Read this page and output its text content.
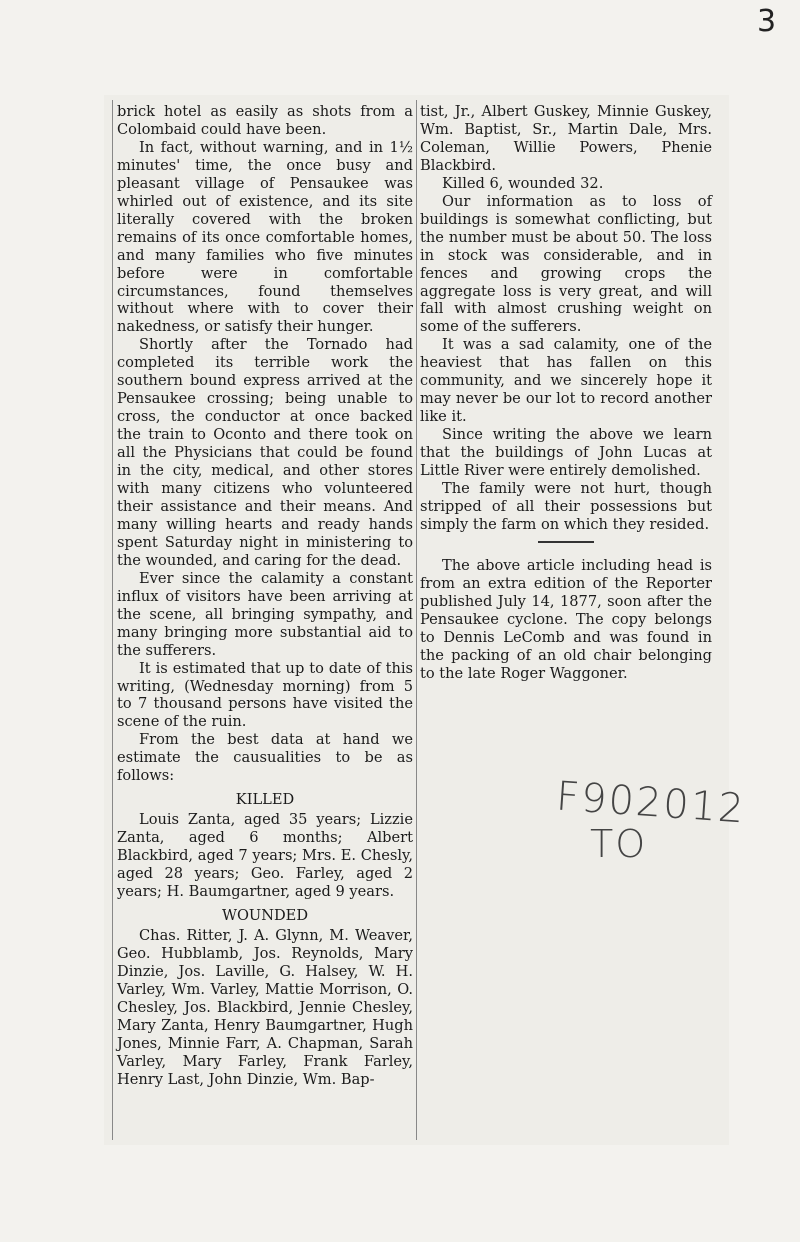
3

brick hotel as easily as shots from a Colombaid could have been.

In fact, without warning, and in 1½ minutes' time, the once busy and pleasant village of Pensaukee was whirled out of existence, and its site literally covered with the broken remains of its once comfortable homes, and many families who five minutes before were in comfortable circumstances, found themselves without where with to cover their nakedness, or satisfy their hunger.

Shortly after the Tornado had completed its terrible work the southern bound express arrived at the Pensaukee crossing; being unable to cross, the conductor at once backed the train to Oconto and there took on all the Physicians that could be found in the city, medical, and other stores with many citizens who volunteered their assistance and their means. And many willing hearts and ready hands spent Saturday night in ministering to the wounded, and caring for the dead.

Ever since the calamity a constant influx of visitors have been arriving at the scene, all bringing sympathy, and many bringing more substantial aid to the sufferers.

It is estimated that up to date of this writing, (Wednesday morning) from 5 to 7 thousand persons have visited the scene of the ruin.

From the best data at hand we estimate the causualities to be as follows:

KILLED

Louis Zanta, aged 35 years; Lizzie Zanta, aged 6 months; Albert Blackbird, aged 7 years; Mrs. E. Chesly, aged 28 years; Geo. Farley, aged 2 years; H. Baumgartner, aged 9 years.

WOUNDED

Chas. Ritter, J. A. Glynn, M. Weaver, Geo. Hubblamb, Jos. Reynolds, Mary Dinzie, Jos. Laville, G. Halsey, W. H. Varley, Wm. Varley, Mattie Morrison, O. Chesley, Jos. Blackbird, Jennie Chesley, Mary Zanta, Henry Baumgartner, Hugh Jones, Minnie Farr, A. Chapman, Sarah Varley, Mary Farley, Frank Farley, Henry Last, John Dinzie, Wm. Bap-

tist, Jr., Albert Guskey, Minnie Guskey, Wm. Baptist, Sr., Martin Dale, Mrs. Coleman, Willie Powers, Phenie Blackbird.

Killed 6, wounded 32.

Our information as to loss of buildings is somewhat conflicting, but the number must be about 50. The loss in stock was considerable, and in fences and growing crops the aggregate loss is very great, and will fall with almost crushing weight on some of the sufferers.

It was a sad calamity, one of the heaviest that has fallen on this community, and we sincerely hope it may never be our lot to record another like it.

Since writing the above we learn that the buildings of John Lucas at Little River were entirely demolished.

The family were not hurt, though stripped of all their possessions but simply the farm on which they resided.

The above article including head is from an extra edition of the Reporter published July 14, 1877, soon after the Pensaukee cyclone. The copy belongs to Dennis LeComb and was found in the packing of an old chair belonging to the late Roger Waggoner.

F902012
TO
